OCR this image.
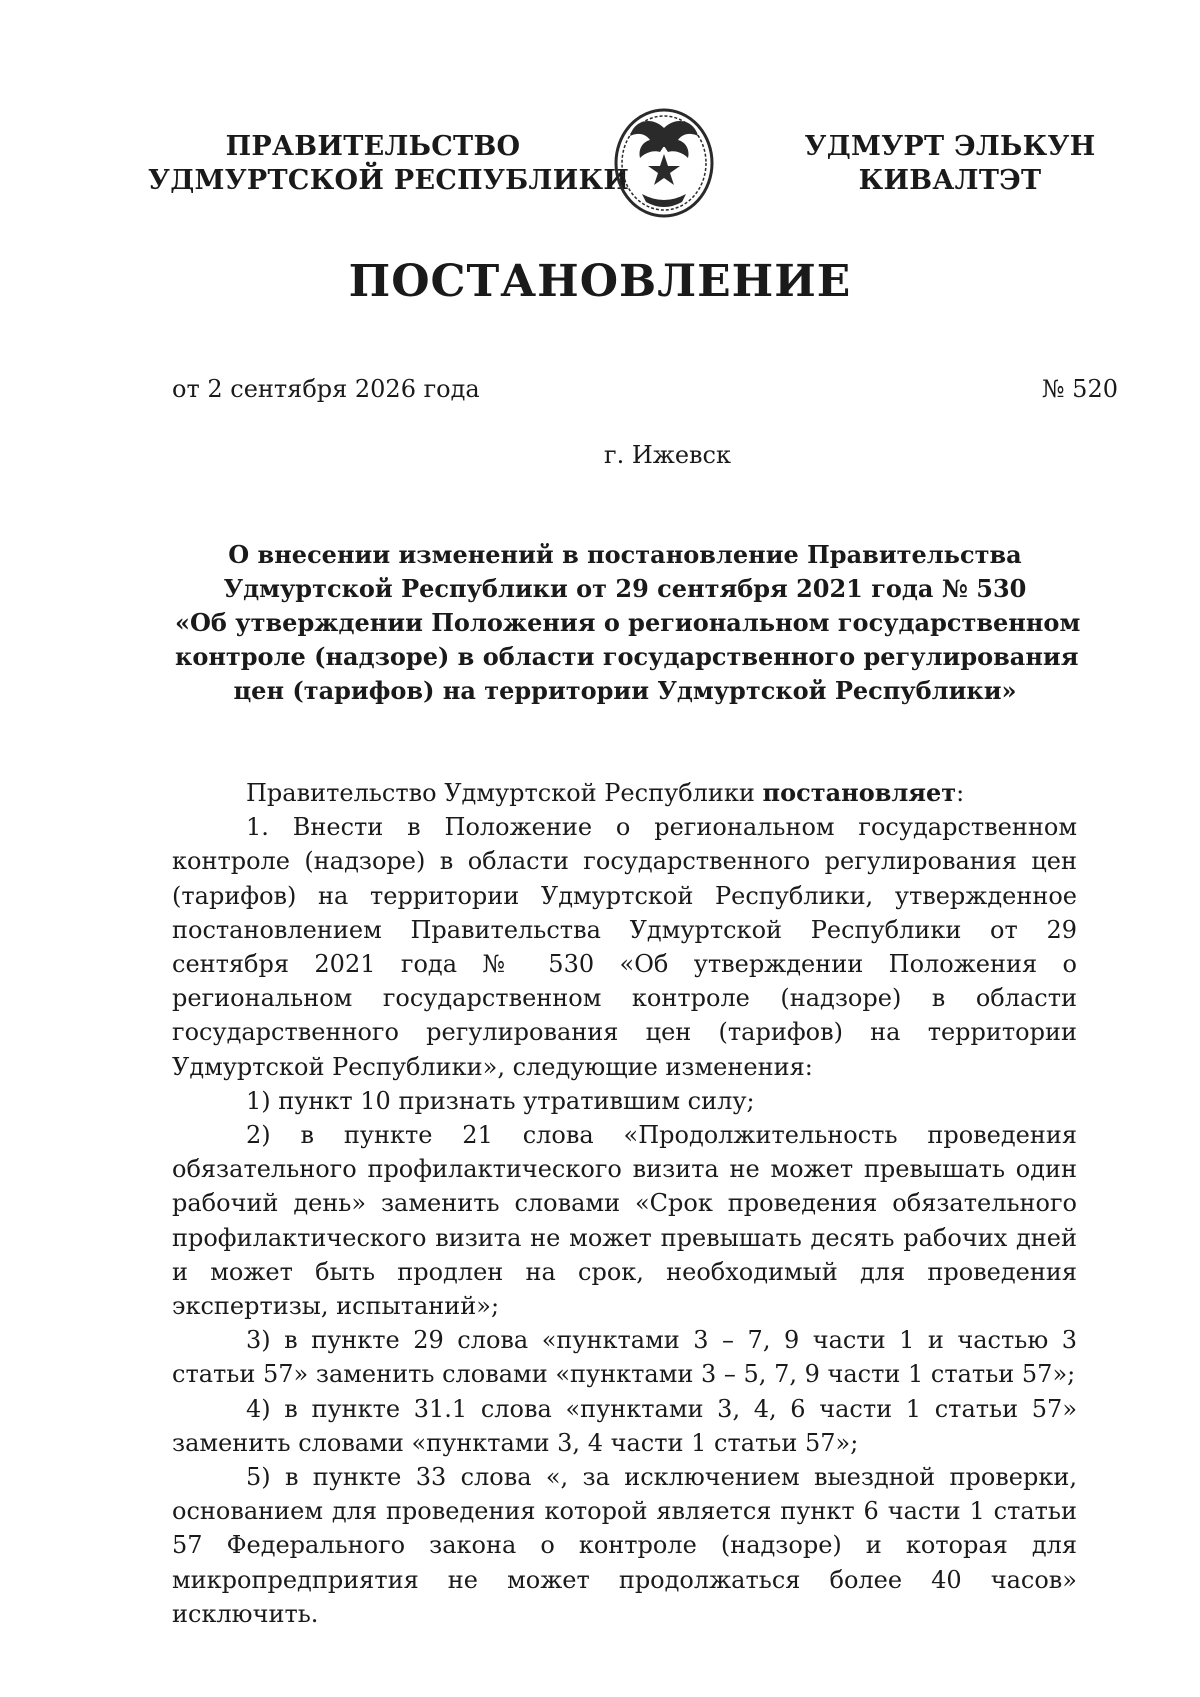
ПРАВИТЕЛЬСТВО
УДМУРТСКОЙ РЕСПУБЛИКИ
УДМУРТ ЭЛЬКУН
КИВАЛТЭТ
ПОСТАНОВЛЕНИЕ
от 2 сентября 2026 года	№ 520
г. Ижевск
О внесении изменений в постановление Правительства
Удмуртской Республики от 29 сентября 2021 года № 530
«Об утверждении Положения о региональном государственном
контроле (надзоре) в области государственного регулирования
цен (тарифов) на территории Удмуртской Республики»

Правительство Удмуртской Республики постановляет:

1. Внести в Положение о региональном государственном контроле (надзоре) в области государственного регулирования цен (тарифов) на территории Удмуртской Республики, утвержденное постановлением Правительства Удмуртской Республики от 29 сентября 2021 года № 530 «Об утверждении Положения о региональном государственном контроле (надзоре) в области государственного регулирования цен (тарифов) на территории Удмуртской Республики», следующие изменения:

1) пункт 10 признать утратившим силу;

2) в пункте 21 слова «Продолжительность проведения обязательного профилактического визита не может превышать один рабочий день» заменить словами «Срок проведения обязательного профилактического визита не может превышать десять рабочих дней и может быть продлен на срок, необходимый для проведения экспертизы, испытаний»;

3) в пункте 29 слова «пунктами 3 – 7, 9 части 1 и частью 3 статьи 57» заменить словами «пунктами 3 – 5, 7, 9 части 1 статьи 57»;

4) в пункте 31.1 слова «пунктами 3, 4, 6 части 1 статьи 57» заменить словами «пунктами 3, 4 части 1 статьи 57»;

5) в пункте 33 слова «, за исключением выездной проверки, основанием для проведения которой является пункт 6 части 1 статьи 57 Федерального закона о контроле (надзоре) и которая для микропредприятия не может продолжаться более 40 часов» исключить.
